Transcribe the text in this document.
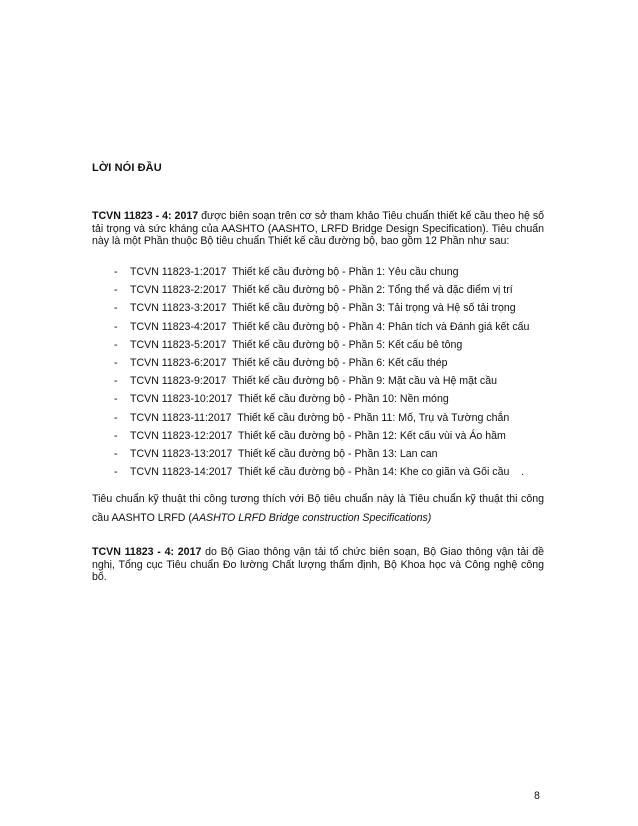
LỜI NÓI ĐẦU
TCVN 11823 - 4: 2017 được biên soạn trên cơ sở tham khảo Tiêu chuẩn thiết kế cầu theo hệ số tải trọng và sức kháng của AASHTO (AASHTO, LRFD Bridge Design Specification). Tiêu chuẩn này là một Phần thuộc Bộ tiêu chuẩn Thiết kế cầu đường bộ, bao gồm 12 Phần như sau:
- TCVN 11823-1:2017 Thiết kế cầu đường bộ - Phần 1: Yêu cầu chung
- TCVN 11823-2:2017 Thiết kế cầu đường bộ - Phần 2: Tổng thể và đặc điểm vị trí
- TCVN 11823-3:2017 Thiết kế cầu đường bộ - Phần 3: Tải trọng và Hệ số tải trọng
- TCVN 11823-4:2017 Thiết kế cầu đường bộ - Phần 4: Phân tích và Đánh giá kết cấu
- TCVN 11823-5:2017 Thiết kế cầu đường bộ - Phần 5: Kết cấu bê tông
- TCVN 11823-6:2017 Thiết kế cầu đường bộ - Phần 6: Kết cấu thép
- TCVN 11823-9:2017 Thiết kế cầu đường bộ - Phần 9: Mặt cầu và Hệ mặt cầu
- TCVN 11823-10:2017 Thiết kế cầu đường bộ - Phần 10: Nền móng
- TCVN 11823-11:2017 Thiết kế cầu đường bộ - Phần 11: Mố, Trụ và Tường chắn
- TCVN 11823-12:2017 Thiết kế cầu đường bộ - Phần 12: Kết cấu vùi và Áo hầm
- TCVN 11823-13:2017 Thiết kế cầu đường bộ - Phần 13: Lan can
- TCVN 11823-14:2017 Thiết kế cầu đường bộ - Phần 14: Khe co giãn và Gối cầu    .
Tiêu chuẩn kỹ thuật thi công tương thích với Bộ tiêu chuẩn này là Tiêu chuẩn kỹ thuật thi công cầu AASHTO LRFD (AASHTO LRFD Bridge construction Specifications)
TCVN 11823 - 4: 2017 do Bộ Giao thông vận tải tổ chức biên soạn, Bộ Giao thông vận tải đề nghị, Tổng cục Tiêu chuẩn Đo lường Chất lượng thẩm định, Bộ Khoa học và Công nghệ công bố.
8
